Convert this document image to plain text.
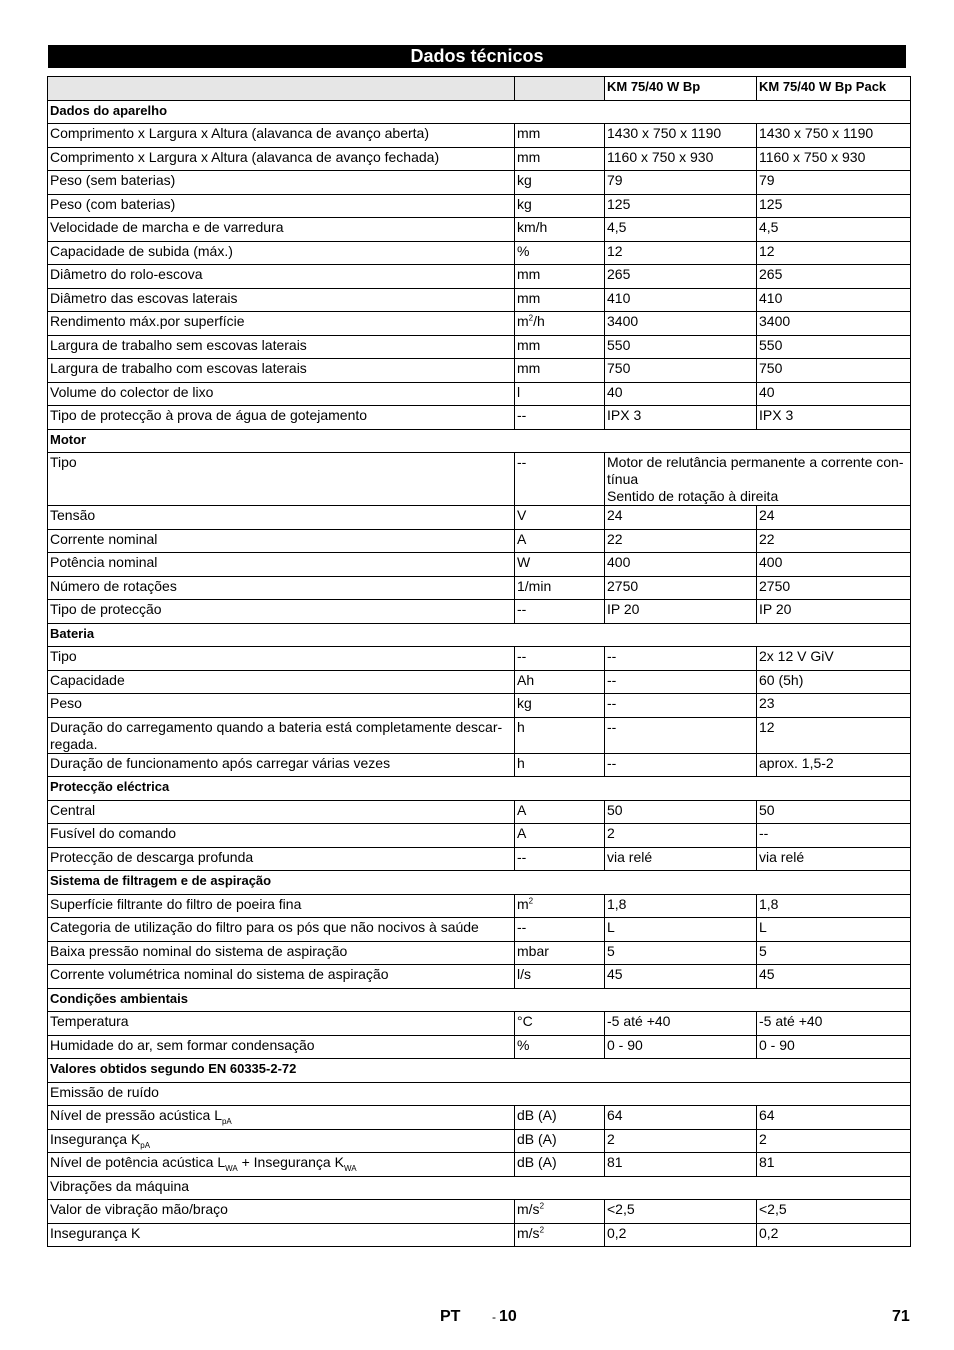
Dados técnicos
		KM 75/40 W Bp	KM 75/40 W Bp Pack
Dados do aparelho			
Comprimento x Largura x Altura (alavanca de avanço aberta)	mm	1430 x 750 x 1190	1430 x 750 x 1190
Comprimento x Largura x Altura (alavanca de avanço fechada)	mm	1160 x 750 x 930	1160 x 750 x 930
Peso (sem baterias)	kg	79	79
Peso (com baterias)	kg	125	125
Velocidade de marcha e de varredura	km/h	4,5	4,5
Capacidade de subida (máx.)	%	12	12
Diâmetro do rolo-escova	mm	265	265
Diâmetro das escovas laterais	mm	410	410
Rendimento máx.por superfície	$m^2/h$	3400	3400
Largura de trabalho sem escovas laterais	mm	550	550
Largura de trabalho com escovas laterais	mm	750	750
Volume do colector de lixo	l	40	40
Tipo de protecção à prova de água de gotejamento	--	IPX 3	IPX 3
Motor			
Tipo	--	Motor de relutância permanente a corrente con-
tínua
Sentido de rotação à direita	
Tensão	V	24	24
Corrente nominal	A	22	22
Potência nominal	W	400	400
Número de rotações	1/min	2750	2750
Tipo de protecção	--	IP 20	IP 20
Bateria			
Tipo	--	--	2x 12 V GiV
Capacidade	Ah	--	60 (5h)
Peso	kg	--	23
Duração do carregamento quando a bateria está completamente descar-
regada.	h	--	12
Duração de funcionamento após carregar várias vezes	h	--	aprox. 1,5-2
Protecção eléctrica			
Central	A	50	50
Fusível do comando	A	2	--
Protecção de descarga profunda	--	via relé	via relé
Sistema de filtragem e de aspiração			
Superfície filtrante do filtro de poeira fina	$m^2$	1,8	1,8
Categoria de utilização do filtro para os pós que não nocivos à saúde	--	L	L
Baixa pressão nominal do sistema de aspiração	mbar	5	5
Corrente volumétrica nominal do sistema de aspiração	l/s	45	45
Condições ambientais			
Temperatura	°C	-5 até +40	-5 até +40
Humidade do ar, sem formar condensação	%	0 - 90	0 - 90
Valores obtidos segundo EN 60335-2-72			
Emissão de ruído			
Nível de pressão acústica $L_{pA}$	dB (A)	64	64
Insegurança $K_{pA}$	dB (A)	2	2
Nível de potência acústica $L_{WA}$ + Insegurança $K_{WA}$	dB (A)	81	81
Vibrações da máquina			
Valor de vibração mão/braço	$m/s^2$	<2,5	<2,5
Insegurança K	$m/s^2$	0,2	0,2
PT	- 10	71
